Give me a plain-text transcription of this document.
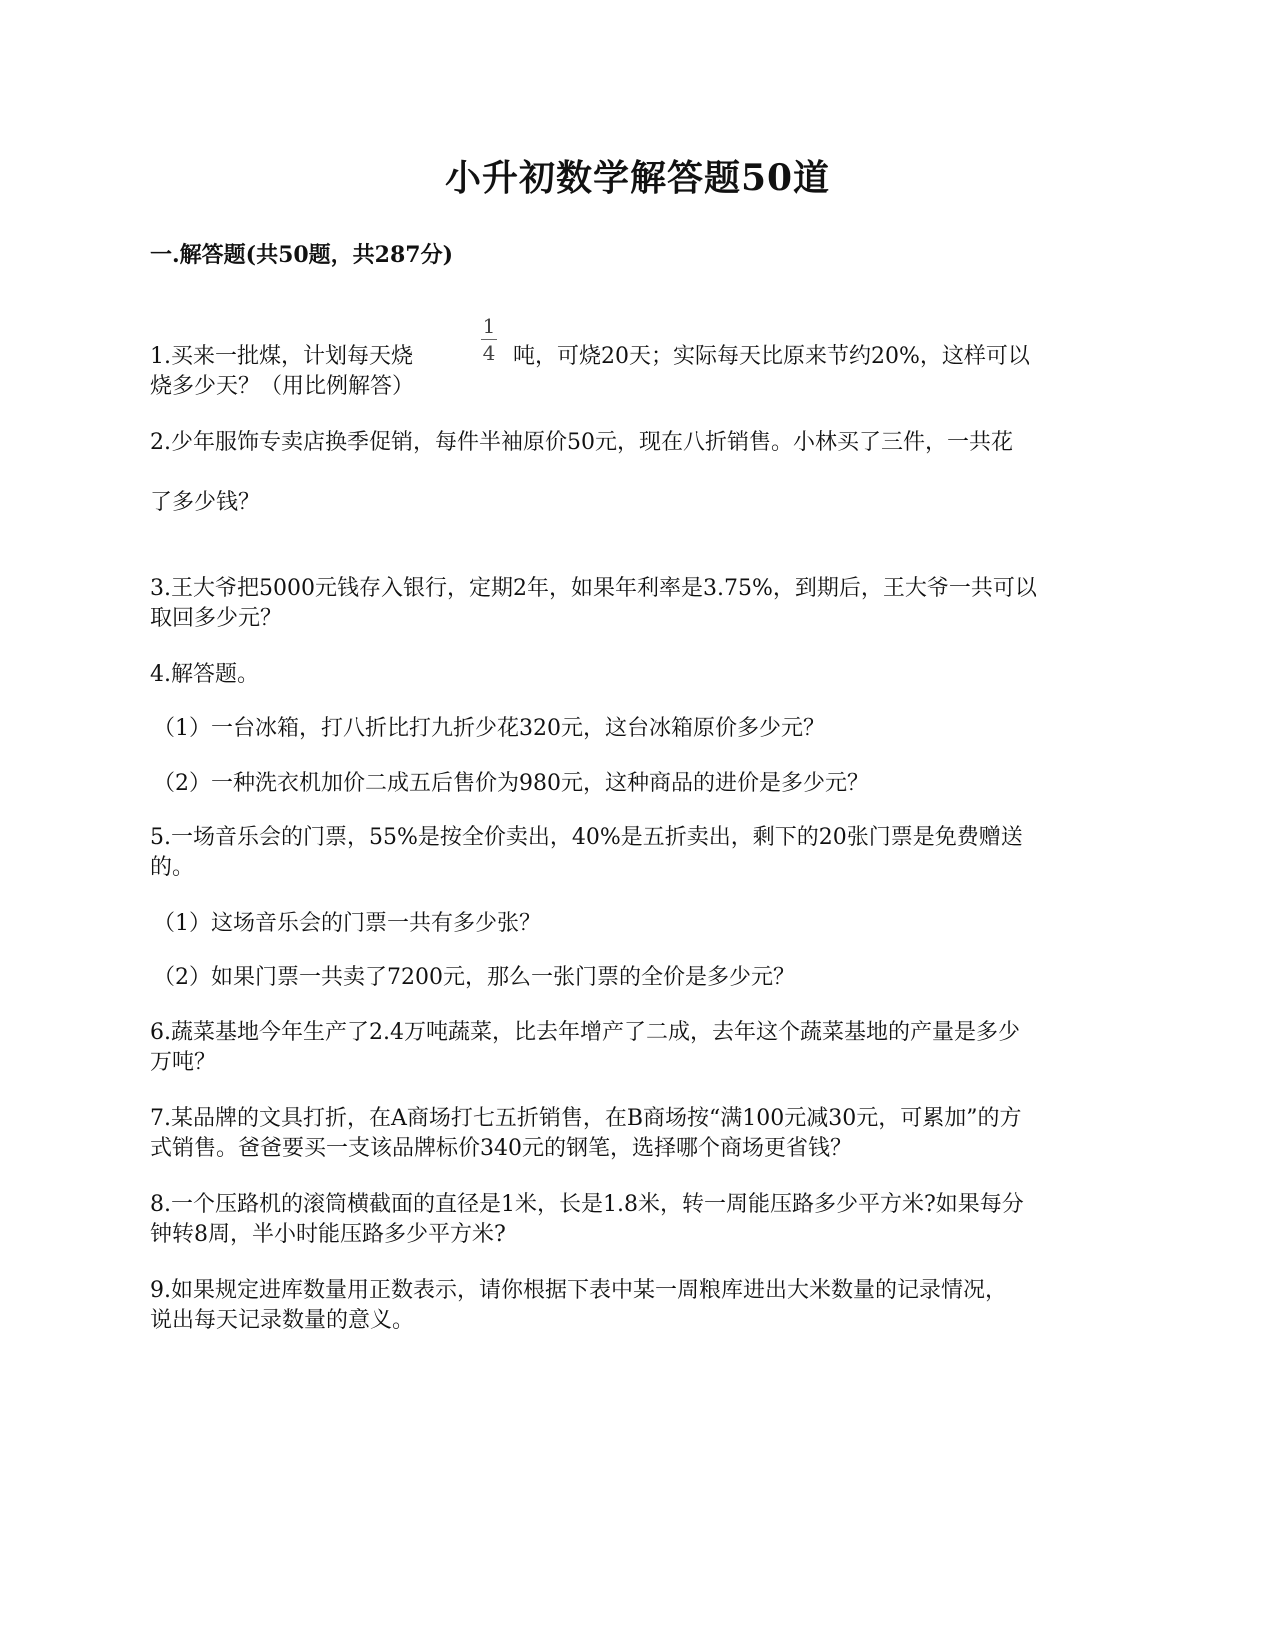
小升初数学解答题50道
一.解答题(共50题，共287分)
1
4
1.买来一批煤，计划每天烧	吨，可烧20天；实际每天比原来节约20%，这样可以
烧多少天？（用比例解答）
2.少年服饰专卖店换季促销，每件半袖原价50元，现在八折销售。小林买了三件，一共花
了多少钱？
3.王大爷把5000元钱存入银行，定期2年，如果年利率是3.75%，到期后，王大爷一共可以
取回多少元？
4.解答题。
（1）一台冰箱，打八折比打九折少花320元，这台冰箱原价多少元？
（2）一种洗衣机加价二成五后售价为980元，这种商品的进价是多少元？
5.一场音乐会的门票，55%是按全价卖出，40%是五折卖出，剩下的20张门票是免费赠送
的。
（1）这场音乐会的门票一共有多少张？
（2）如果门票一共卖了7200元，那么一张门票的全价是多少元？
6.蔬菜基地今年生产了2.4万吨蔬菜，比去年增产了二成，去年这个蔬菜基地的产量是多少
万吨？
7.某品牌的文具打折，在A商场打七五折销售，在B商场按“满100元减30元，可累加”的方
式销售。爸爸要买一支该品牌标价340元的钢笔，选择哪个商场更省钱？
8.一个压路机的滚筒横截面的直径是1米，长是1.8米，转一周能压路多少平方米?如果每分
钟转8周，半小时能压路多少平方米?
9.如果规定进库数量用正数表示，请你根据下表中某一周粮库进出大米数量的记录情况，
说出每天记录数量的意义。
